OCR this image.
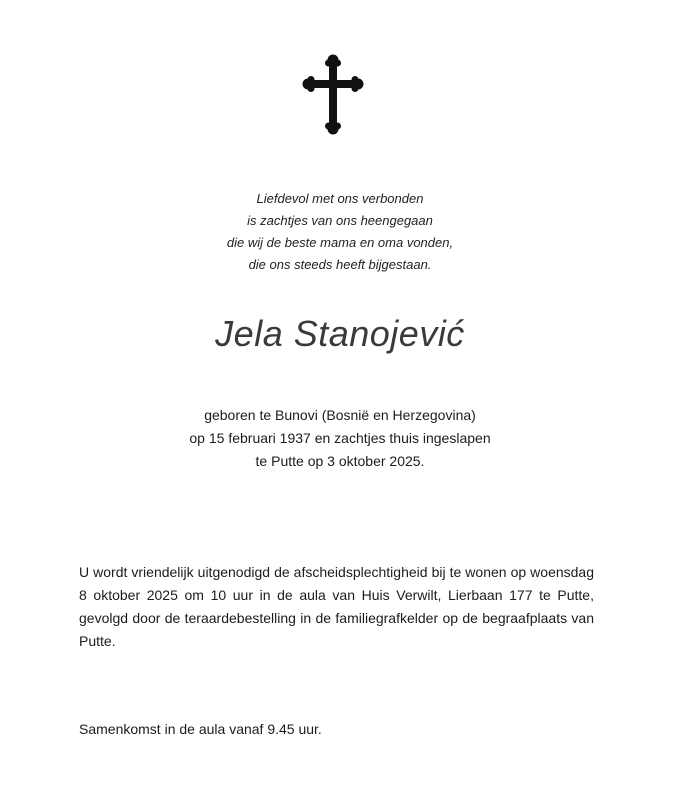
Liefdevol met ons verbonden
is zachtjes van ons heengegaan
die wij de beste mama en oma vonden,
die ons steeds heeft bijgestaan.
Jela Stanojević
geboren te Bunovi (Bosnië en Herzegovina)
op 15 februari 1937 en zachtjes thuis ingeslapen
te Putte op 3 oktober 2025.
U wordt vriendelijk uitgenodigd de afscheidsplechtigheid bij te wonen op woensdag 8 oktober 2025 om 10 uur in de aula van Huis Verwilt, Lierbaan 177 te Putte, gevolgd door de teraardebestelling in de familiegrafkelder op de begraafplaats van Putte.
Samenkomst in de aula vanaf 9.45 uur.
